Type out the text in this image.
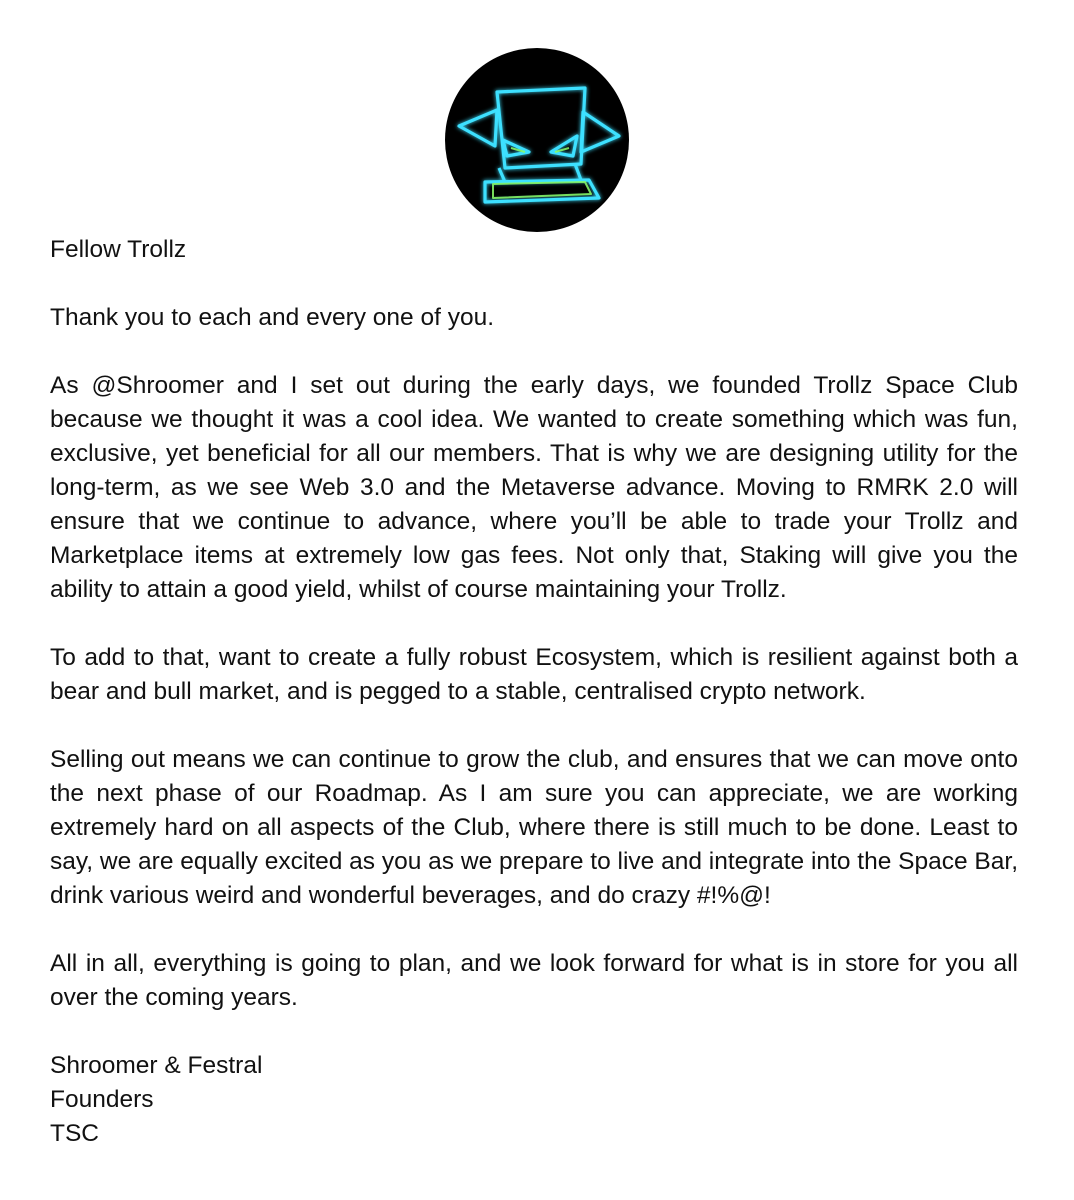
Fellow Trollz

Thank you to each and every one of you.

As @Shroomer and I set out during the early days, we founded Trollz Space Club because we thought it was a cool idea. We wanted to create something which was fun, exclusive, yet beneficial for all our members. That is why we are designing utility for the long-term, as we see Web 3.0 and the Metaverse advance. Moving to RMRK 2.0 will ensure that we continue to advance, where you’ll be able to trade your Trollz and Marketplace items at extremely low gas fees. Not only that, Staking will give you the ability to attain a good yield, whilst of course maintaining your Trollz.

To add to that, want to create a fully robust Ecosystem, which is resilient against both a bear and bull market, and is pegged to a stable, centralised crypto network.

Selling out means we can continue to grow the club, and ensures that we can move onto the next phase of our Roadmap. As I am sure you can appreciate, we are working extremely hard on all aspects of the Club, where there is still much to be done. Least to say, we are equally excited as you as we prepare to live and integrate into the Space Bar, drink various weird and wonderful beverages, and do crazy #!%@!

All in all, everything is going to plan, and we look forward for what is in store for you all over the coming years.

Shroomer & Festral
Founders
TSC
